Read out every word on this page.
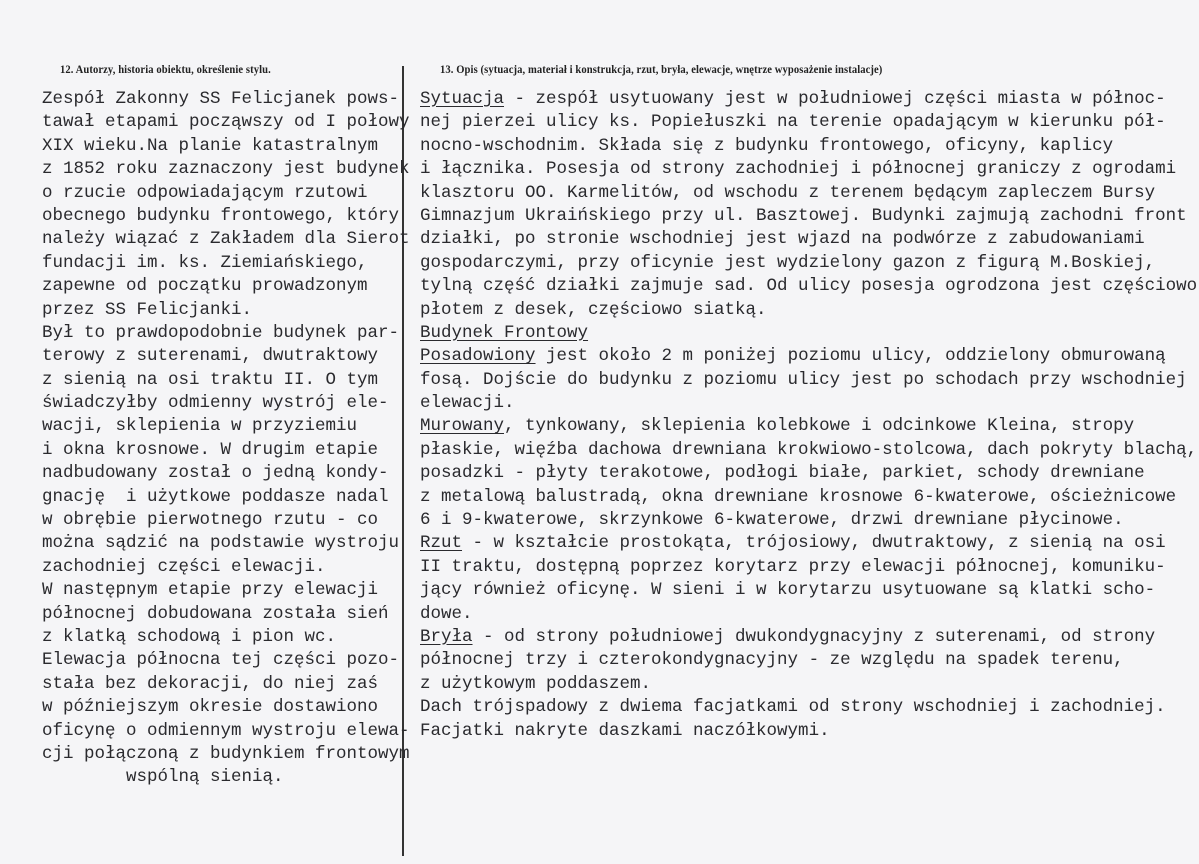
12. Autorzy, historia obiektu, określenie stylu.	13. Opis (sytuacja, materiał i konstrukcja, rzut, bryła, elewacje, wnętrze wyposażenie instalacje)
Zespół Zakonny SS Felicjanek pows-
tawał etapami począwszy od I połowy
XIX wieku.Na planie katastralnym
z 1852 roku zaznaczony jest budynek
o rzucie odpowiadającym rzutowi
obecnego budynku frontowego, który
należy wiązać z Zakładem dla Sierot
fundacji im. ks. Ziemiańskiego,
zapewne od początku prowadzonym
przez SS Felicjanki.
Był to prawdopodobnie budynek par-
terowy z suterenami, dwutraktowy
z sienią na osi traktu II. O tym
świadczyłby odmienny wystrój ele-
wacji, sklepienia w przyziemiu
i okna krosnowe. W drugim etapie
nadbudowany został o jedną kondy-
gnację  i użytkowe poddasze nadal
w obrębie pierwotnego rzutu - co
można sądzić na podstawie wystroju
zachodniej części elewacji.
W następnym etapie przy elewacji
północnej dobudowana została sień
z klatką schodową i pion wc.
Elewacja północna tej części pozo-
stała bez dekoracji, do niej zaś
w późniejszym okresie dostawiono
oficynę o odmiennym wystroju elewa-
cji połączoną z budynkiem frontowym
wspólną sienią.
Sytuacja - zespół usytuowany jest w południowej części miasta w północ-
nej pierzei ulicy ks. Popiełuszki na terenie opadającym w kierunku pół-
nocno-wschodnim. Składa się z budynku frontowego, oficyny, kaplicy
i łącznika. Posesja od strony zachodniej i północnej graniczy z ogrodami
klasztoru OO. Karmelitów, od wschodu z terenem będącym zapleczem Bursy
Gimnazjum Ukraińskiego przy ul. Basztowej. Budynki zajmują zachodni front
działki, po stronie wschodniej jest wjazd na podwórze z zabudowaniami
gospodarczymi, przy oficynie jest wydzielony gazon z figurą M.Boskiej,
tylną część działki zajmuje sad. Od ulicy posesja ogrodzona jest częściowo
płotem z desek, częściowo siatką.
Budynek Frontowy
Posadowiony jest około 2 m poniżej poziomu ulicy, oddzielony obmurowaną
fosą. Dojście do budynku z poziomu ulicy jest po schodach przy wschodniej
elewacji.
Murowany, tynkowany, sklepienia kolebkowe i odcinkowe Kleina, stropy
płaskie, więźba dachowa drewniana krokwiowo-stolcowa, dach pokryty blachą,
posadzki - płyty terakotowe, podłogi białe, parkiet, schody drewniane
z metalową balustradą, okna drewniane krosnowe 6-kwaterowe, ościeżnicowe
6 i 9-kwaterowe, skrzynkowe 6-kwaterowe, drzwi drewniane płycinowe.
Rzut - w kształcie prostokąta, trójosiowy, dwutraktowy, z sienią na osi
II traktu, dostępną poprzez korytarz przy elewacji północnej, komuniku-
jący również oficynę. W sieni i w korytarzu usytuowane są klatki scho-
dowe.
Bryła - od strony południowej dwukondygnacyjny z suterenami, od strony
północnej trzy i czterokondygnacyjny - ze względu na spadek terenu,
z użytkowym poddaszem.
Dach trójspadowy z dwiema facjatkami od strony wschodniej i zachodniej.
Facjatki nakryte daszkami naczółkowymi.
